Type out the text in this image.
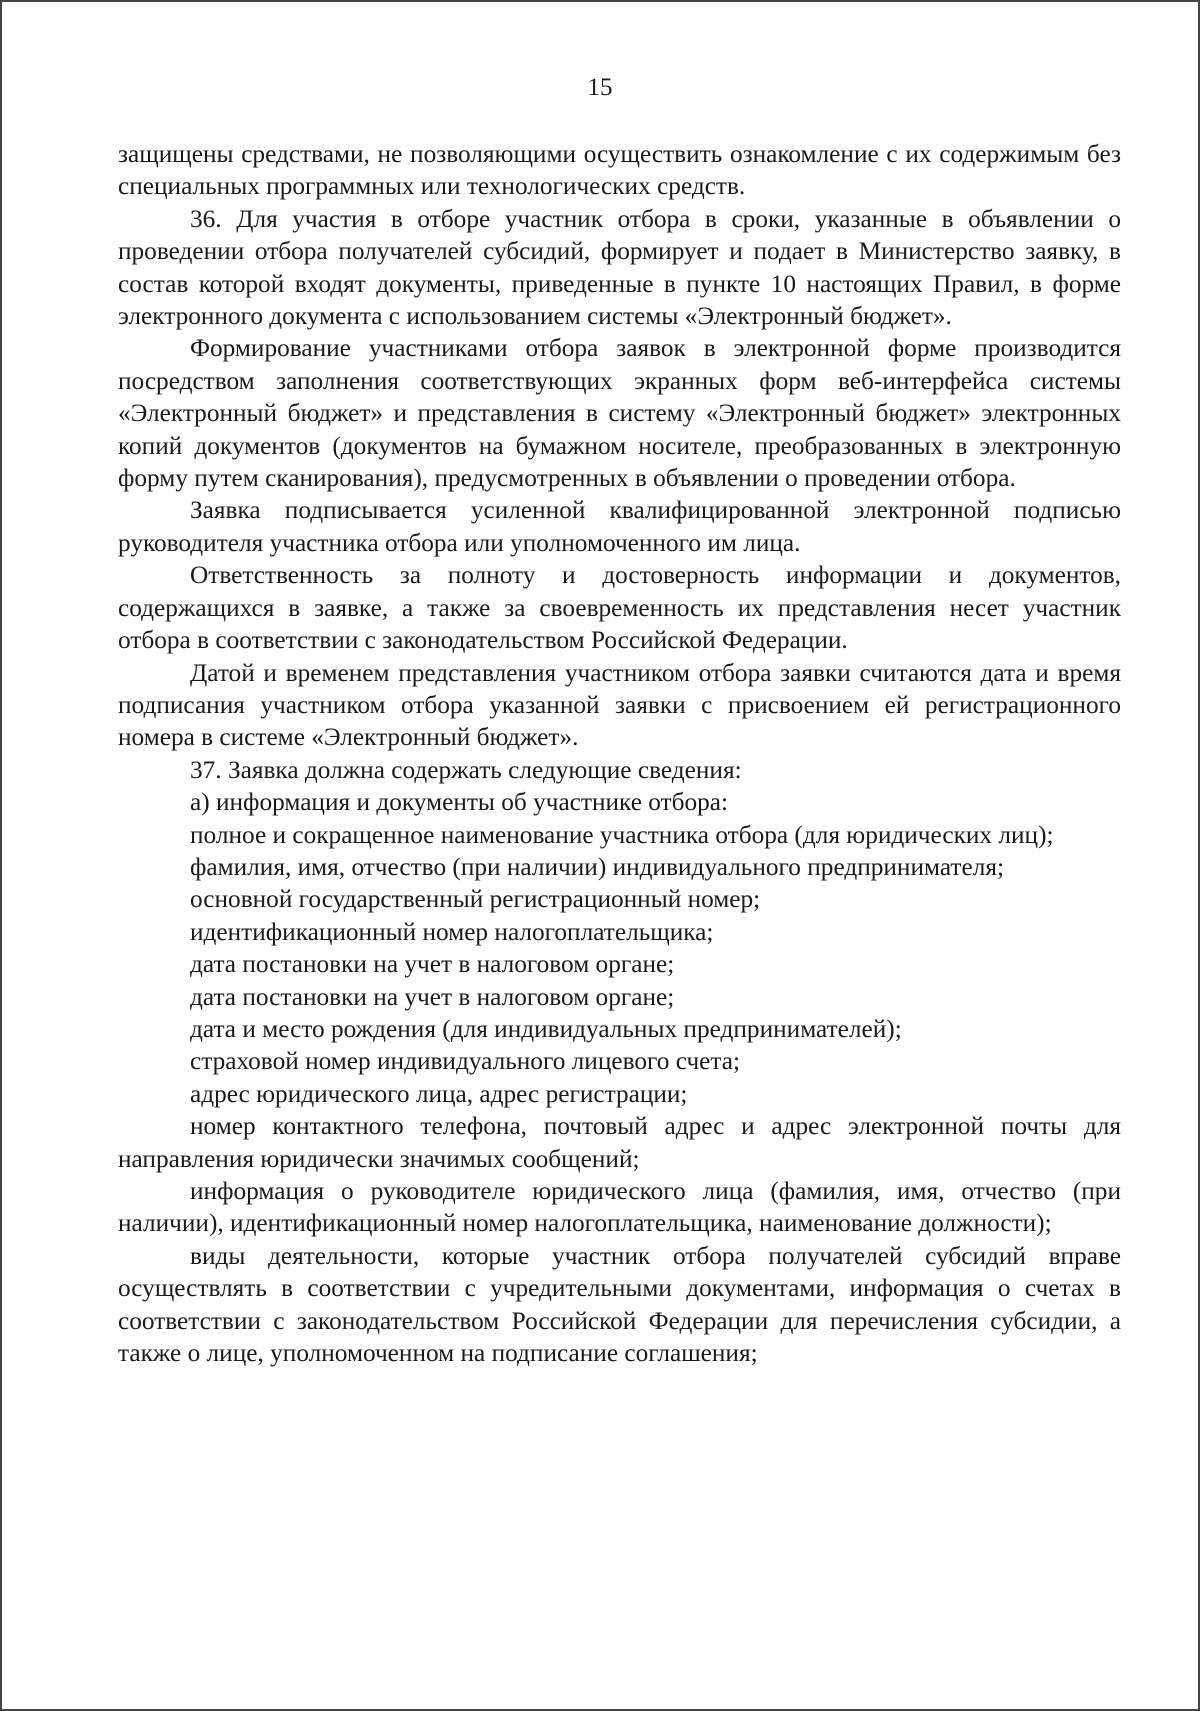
15

защищены средствами, не позволяющими осуществить ознакомление с их содержимым без специальных программных или технологических средств.

36. Для участия в отборе участник отбора в сроки, указанные в объявлении о проведении отбора получателей субсидий, формирует и подает в Министерство заявку, в состав которой входят документы, приведенные в пункте 10 настоящих Правил, в форме электронного документа с использованием системы «Электронный бюджет».

Формирование участниками отбора заявок в электронной форме производится посредством заполнения соответствующих экранных форм веб-интерфейса системы «Электронный бюджет» и представления в систему «Электронный бюджет» электронных копий документов (документов на бумажном носителе, преобразованных в электронную форму путем сканирования), предусмотренных в объявлении о проведении отбора.

Заявка подписывается усиленной квалифицированной электронной подписью руководителя участника отбора или уполномоченного им лица.

Ответственность за полноту и достоверность информации и документов, содержащихся в заявке, а также за своевременность их представления несет участник отбора в соответствии с законодательством Российской Федерации.

Датой и временем представления участником отбора заявки считаются дата и время подписания участником отбора указанной заявки с присвоением ей регистрационного номера в системе «Электронный бюджет».

37. Заявка должна содержать следующие сведения:

а) информация и документы об участнике отбора:

полное и сокращенное наименование участника отбора (для юридических лиц);

фамилия, имя, отчество (при наличии) индивидуального предпринимателя;

основной государственный регистрационный номер;

идентификационный номер налогоплательщика;

дата постановки на учет в налоговом органе;

дата постановки на учет в налоговом органе;

дата и место рождения (для индивидуальных предпринимателей);

страховой номер индивидуального лицевого счета;

адрес юридического лица, адрес регистрации;

номер контактного телефона, почтовый адрес и адрес электронной почты для направления юридически значимых сообщений;

информация о руководителе юридического лица (фамилия, имя, отчество (при наличии), идентификационный номер налогоплательщика, наименование должности);

виды деятельности, которые участник отбора получателей субсидий вправе осуществлять в соответствии с учредительными документами, информация о счетах в соответствии с законодательством Российской Федерации для перечисления субсидии, а также о лице, уполномоченном на подписание соглашения;
